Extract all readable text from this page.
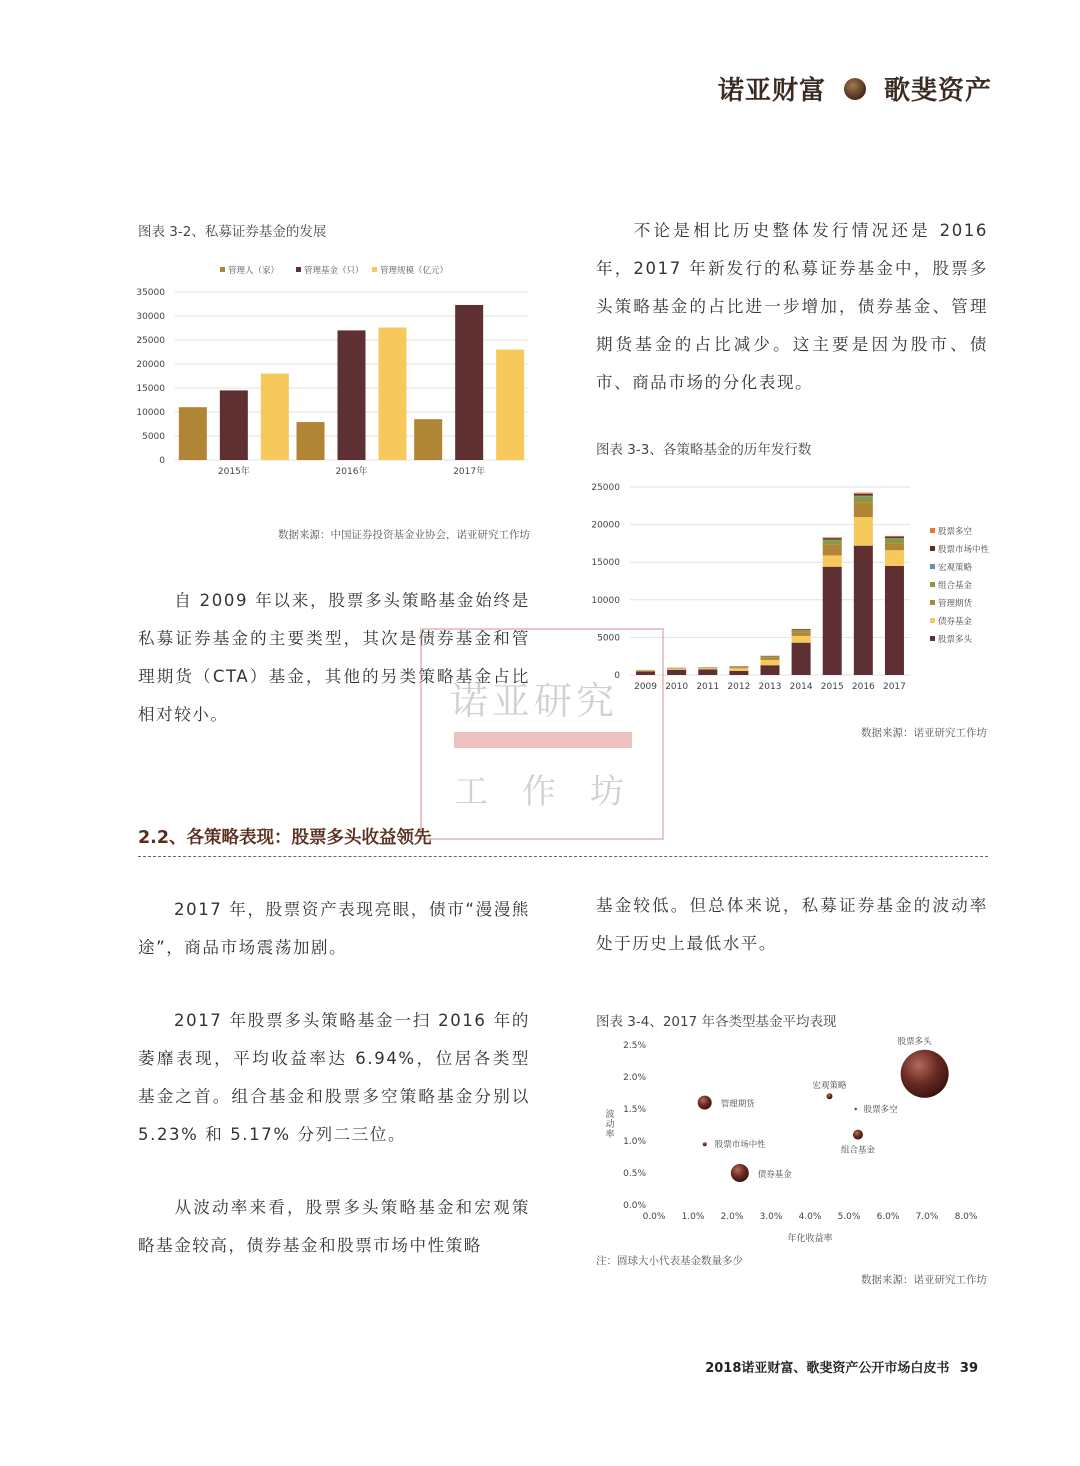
诺亚财富 歌斐资产
图表 3-2、私募证券基金的发展
0
5000
10000
15000
20000
25000
30000
35000
管理人（家）	管理基金（只） 管理规模（亿元）
2015年	2016年	2017年
数据来源：中国证券投资基金业协会，诺亚研究工作坊
不论是相比历史整体发行情况还是 2016 年，2017 年新发行的私募证券基金中，股票多头策略基金的占比进一步增加，债券基金、管理期货基金的占比减少。这主要是因为股市、债市、商品市场的分化表现。
图表 3-3、各策略基金的历年发行数
0
5000
10000
15000
20000
25000
2009 2010 2011 2012 2013 2014 2015 2016 2017
股票多空
股票市场中性
宏观策略
组合基金
管理期货
债券基金
股票多头
数据来源：诺亚研究工作坊
自 2009 年以来，股票多头策略基金始终是私募证券基金的主要类型，其次是债券基金和管理期货（CTA）基金，其他的另类策略基金占比相对较小。	诺亚研究
工作坊
2.2、各策略表现：股票多头收益领先
2017 年，股票资产表现亮眼，债市“漫漫熊途”，商品市场震荡加剧。
2017 年股票多头策略基金一扫 2016 年的萎靡表现，平均收益率达 6.94%，位居各类型基金之首。组合基金和股票多空策略基金分别以 5.23% 和 5.17% 分列二三位。
从波动率来看，股票多头策略基金和宏观策略基金较高，债券基金和股票市场中性策略
基金较低。但总体来说，私募证券基金的波动率处于历史上最低水平。
图表 3-4、2017 年各类型基金平均表现
0.0%
0.5%
1.0%
1.5%
2.0%
2.5%
0.0% 1.0% 2.0% 3.0% 4.0% 5.0% 6.0% 7.0% 8.0%
年化收益率
波
动
率
股票多头
宏观策略
管理期货
股票多空
组合基金
股票市场中性
债券基金
注：圆球大小代表基金数量多少
数据来源：诺亚研究工作坊
2018诺亚财富、歌斐资产公开市场白皮书 39
